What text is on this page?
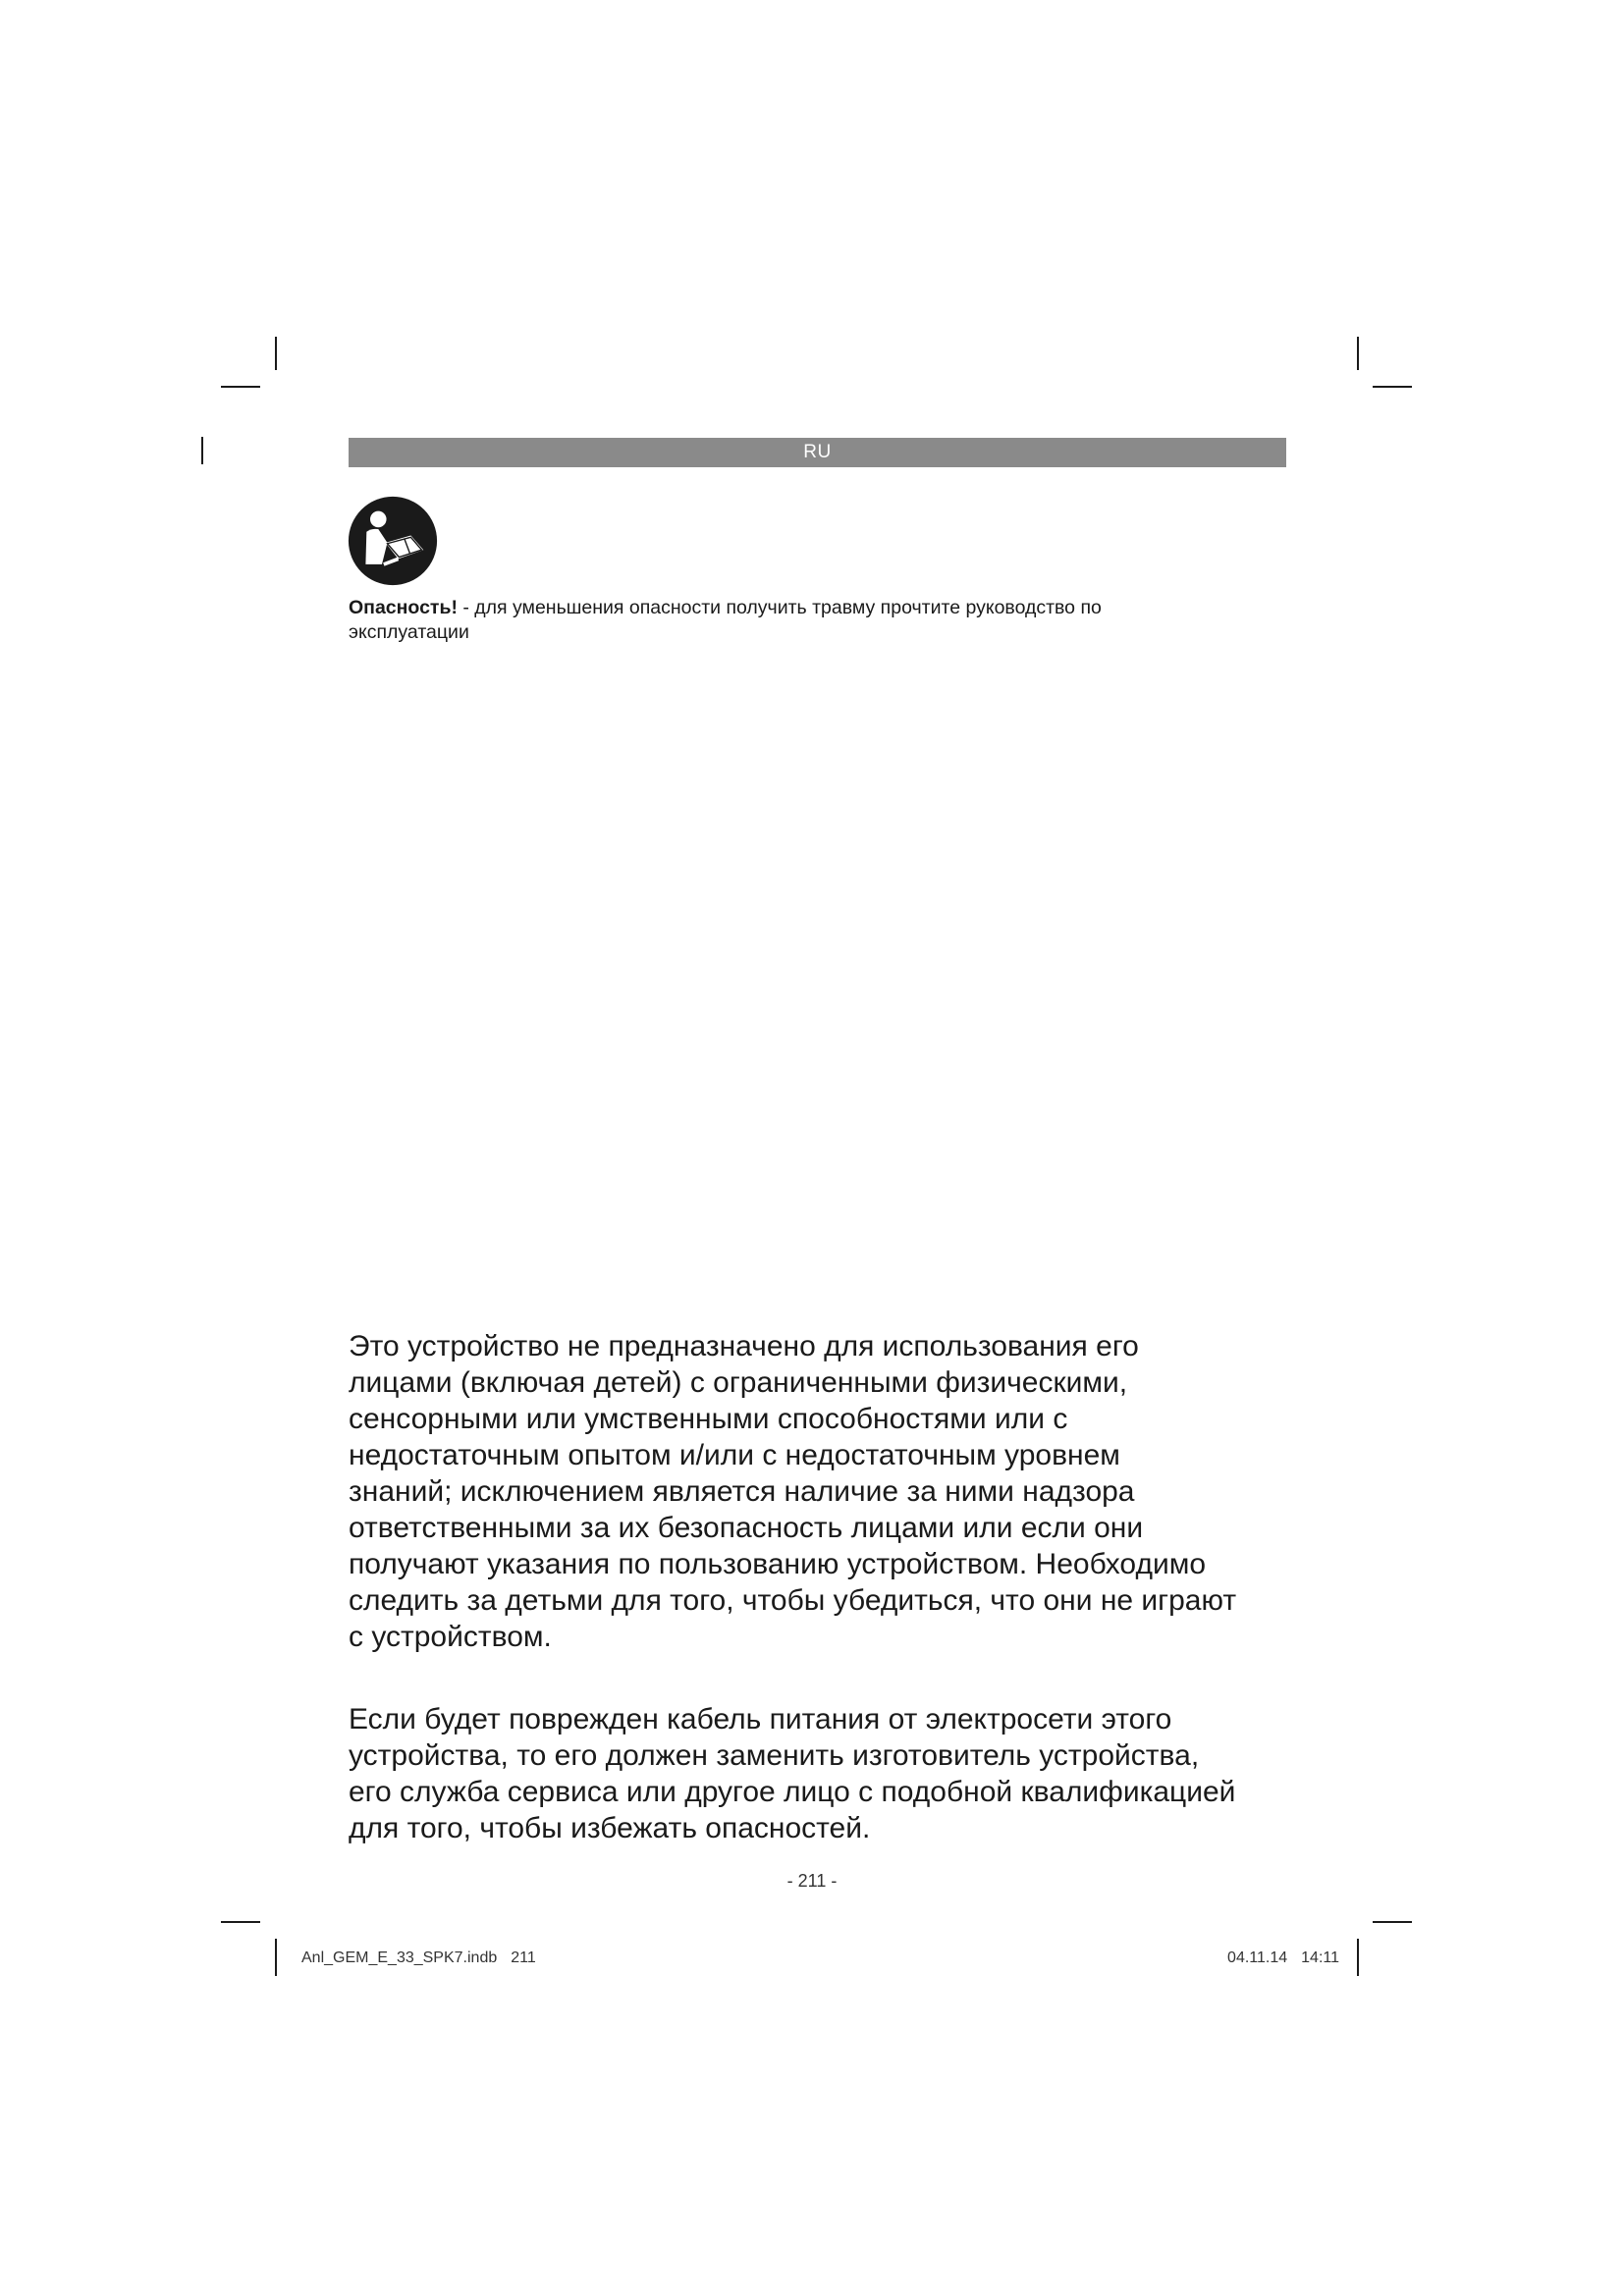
RU
Опасность! - для уменьшения опасности получить травму прочтите руководство по
эксплуатации
Это устройство не предназначено для использования его
лицами (включая детей) с ограниченными физическими,
сенсорными или умственными способностями или с
недостаточным опытом и/или с недостаточным уровнем
знаний; исключением является наличие за ними надзора
ответственными за их безопасность лицами или если они
получают указания по пользованию устройством. Необходимо
следить за детьми для того, чтобы убедиться, что они не играют
с устройством.
Если будет поврежден кабель питания от электросети этого
устройства, то его должен заменить изготовитель устройства,
его служба сервиса или другое лицо с подобной квалификацией
для того, чтобы избежать опасностей.
- 211 -
Anl_GEM_E_33_SPK7.indb 211	04.11.14 14:11
